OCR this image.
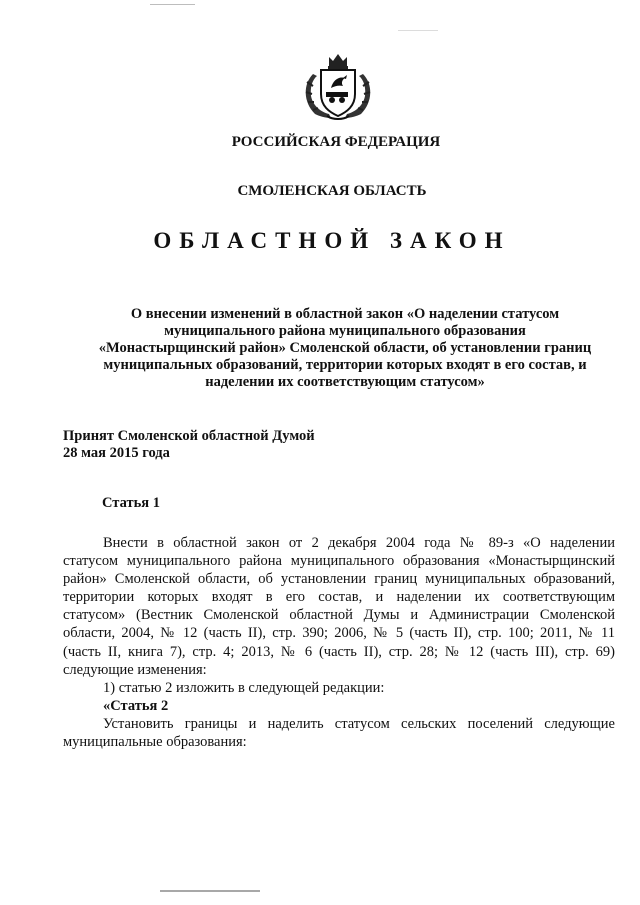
РОССИЙСКАЯ ФЕДЕРАЦИЯ
СМОЛЕНСКАЯ ОБЛАСТЬ
ОБЛАСТНОЙ ЗАКОН
О внесении изменений в областной закон «О наделении статусом
муниципального района муниципального образования
«Монастырщинский район» Смоленской области, об установлении границ
муниципальных образований, территории которых входят в его состав, и
наделении их соответствующим статусом»
Принят Смоленской областной Думой
28 мая 2015 года
Статья 1
Внести в областной закон от 2 декабря 2004 года № 89-з «О наделении
статусом муниципального района муниципального образования «Монастырщинский
район» Смоленской области, об установлении границ муниципальных образований,
территории которых входят в его состав, и наделении их соответствующим
статусом» (Вестник Смоленской областной Думы и Администрации Смоленской
области, 2004, № 12 (часть II), стр. 390; 2006, № 5 (часть II), стр. 100; 2011, № 11
(часть II, книга 7), стр. 4; 2013, № 6 (часть II), стр. 28; № 12 (часть III), стр. 69)
следующие изменения:
1) статью 2 изложить в следующей редакции:
«Статья 2
Установить границы и наделить статусом сельских поселений следующие
муниципальные образования:
